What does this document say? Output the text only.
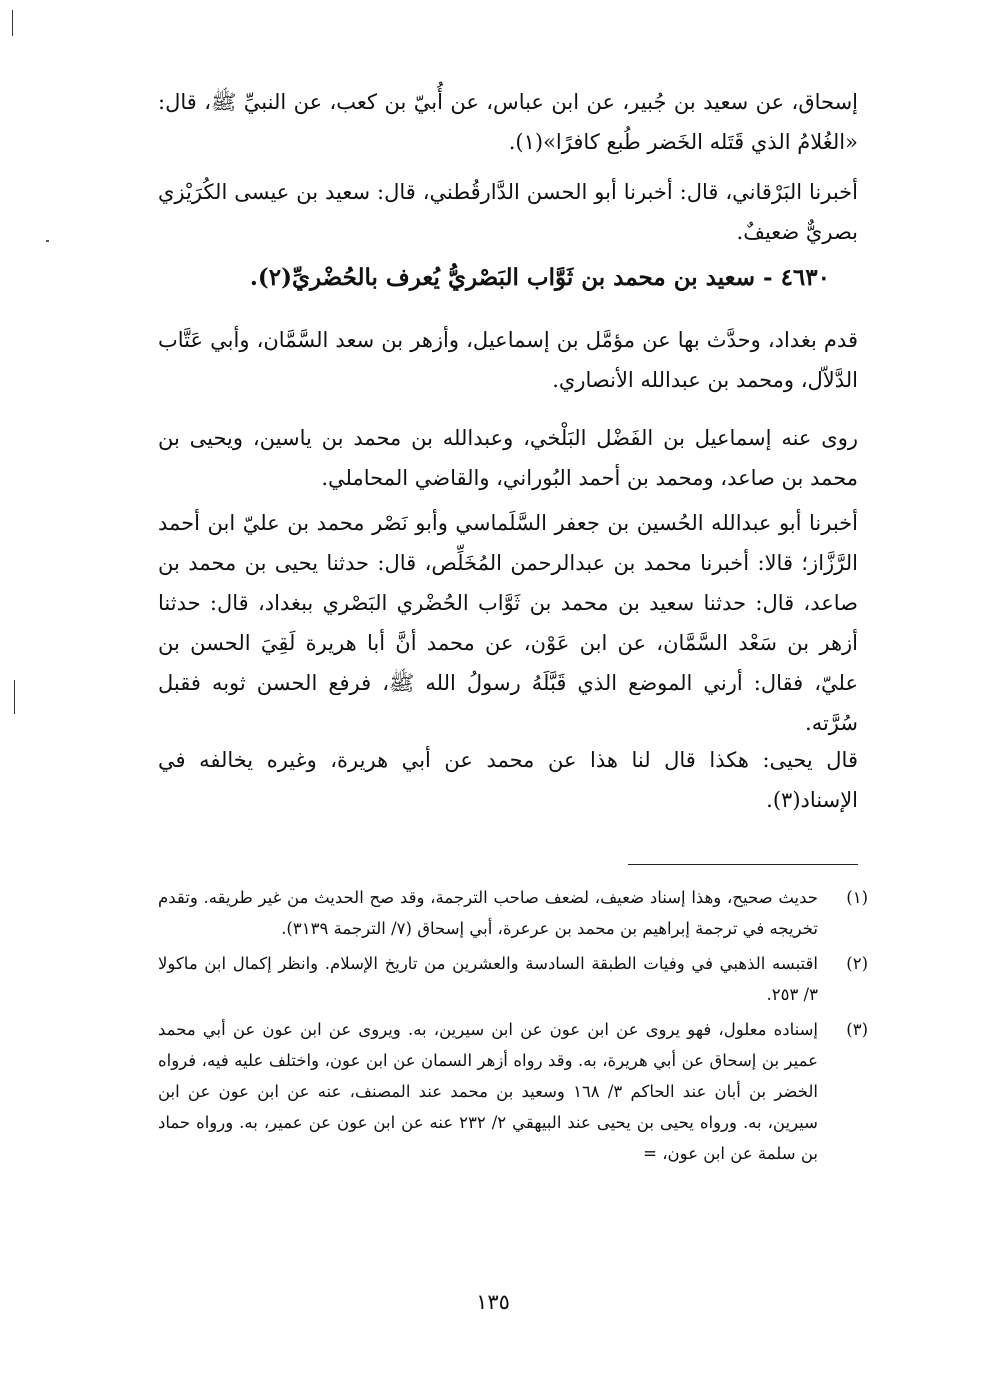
إسحاق، عن سعيد بن جُبير، عن ابن عباس، عن أُبيّ بن كعب، عن النبيِّ ﷺ، قال: «الغُلامُ الذي قَتَله الخَضر طُبع كافرًا»(١).

أخبرنا البَرْقاني، قال: أخبرنا أبو الحسن الدَّارقُطني، قال: سعيد بن عيسى الكُرَيْزي بصريٌّ ضعيفٌ.

٤٦٣٠ - سعيد بن محمد بن ثَوَّاب البَصْريُّ يُعرف بالحُضْريِّ(٢).

قدم بغداد، وحدَّث بها عن مؤمَّل بن إسماعيل، وأزهر بن سعد السَّمَّان، وأبي عَتَّاب الدَّلاّل، ومحمد بن عبدالله الأنصاري.

روى عنه إسماعيل بن الفَضْل البَلْخي، وعبدالله بن محمد بن ياسين، ويحيى بن محمد بن صاعد، ومحمد بن أحمد البُوراني، والقاضي المحاملي.

أخبرنا أبو عبدالله الحُسين بن جعفر السَّلَماسي وأبو نَصْر محمد بن عليّ ابن أحمد الرَّزَّاز؛ قالا: أخبرنا محمد بن عبدالرحمن المُخَلِّص، قال: حدثنا يحيى بن محمد بن صاعد، قال: حدثنا سعيد بن محمد بن ثَوَّاب الحُضْري البَصْري ببغداد، قال: حدثنا أزهر بن سَعْد السَّمَّان، عن ابن عَوْن، عن محمد أنَّ أبا هريرة لَقِيَ الحسن بن عليّ، فقال: أرني الموضع الذي قَبَّلَهُ رسولُ الله ﷺ، فرفع الحسن ثوبه فقبل سُرَّته.

قال يحيى: هكذا قال لنا هذا عن محمد عن أبي هريرة، وغيره يخالفه في الإسناد(٣).

(١)
حديث صحيح، وهذا إسناد ضعيف، لضعف صاحب الترجمة، وقد صح الحديث من غير طريقه. وتقدم تخريجه في ترجمة إبراهيم بن محمد بن عرعرة، أبي إسحاق (٧/ الترجمة ٣١٣٩).
(٢)
اقتبسه الذهبي في وفيات الطبقة السادسة والعشرين من تاريخ الإسلام. وانظر إكمال ابن ماكولا ٣/ ٢٥٣.
(٣)
إسناده معلول، فهو يروى عن ابن عون عن ابن سيرين، به. ويروى عن ابن عون عن أبي محمد عمير بن إسحاق عن أبي هريرة، به. وقد رواه أزهر السمان عن ابن عون، واختلف عليه فيه، فرواه الخضر بن أبان عند الحاكم ٣/ ١٦٨ وسعيد بن محمد عند المصنف، عنه عن ابن عون عن ابن سيرين، به. ورواه يحيى بن يحيى عند البيهقي ٢/ ٢٣٢ عنه عن ابن عون عن عمير، به. ورواه حماد بن سلمة عن ابن عون، =
١٣٥
